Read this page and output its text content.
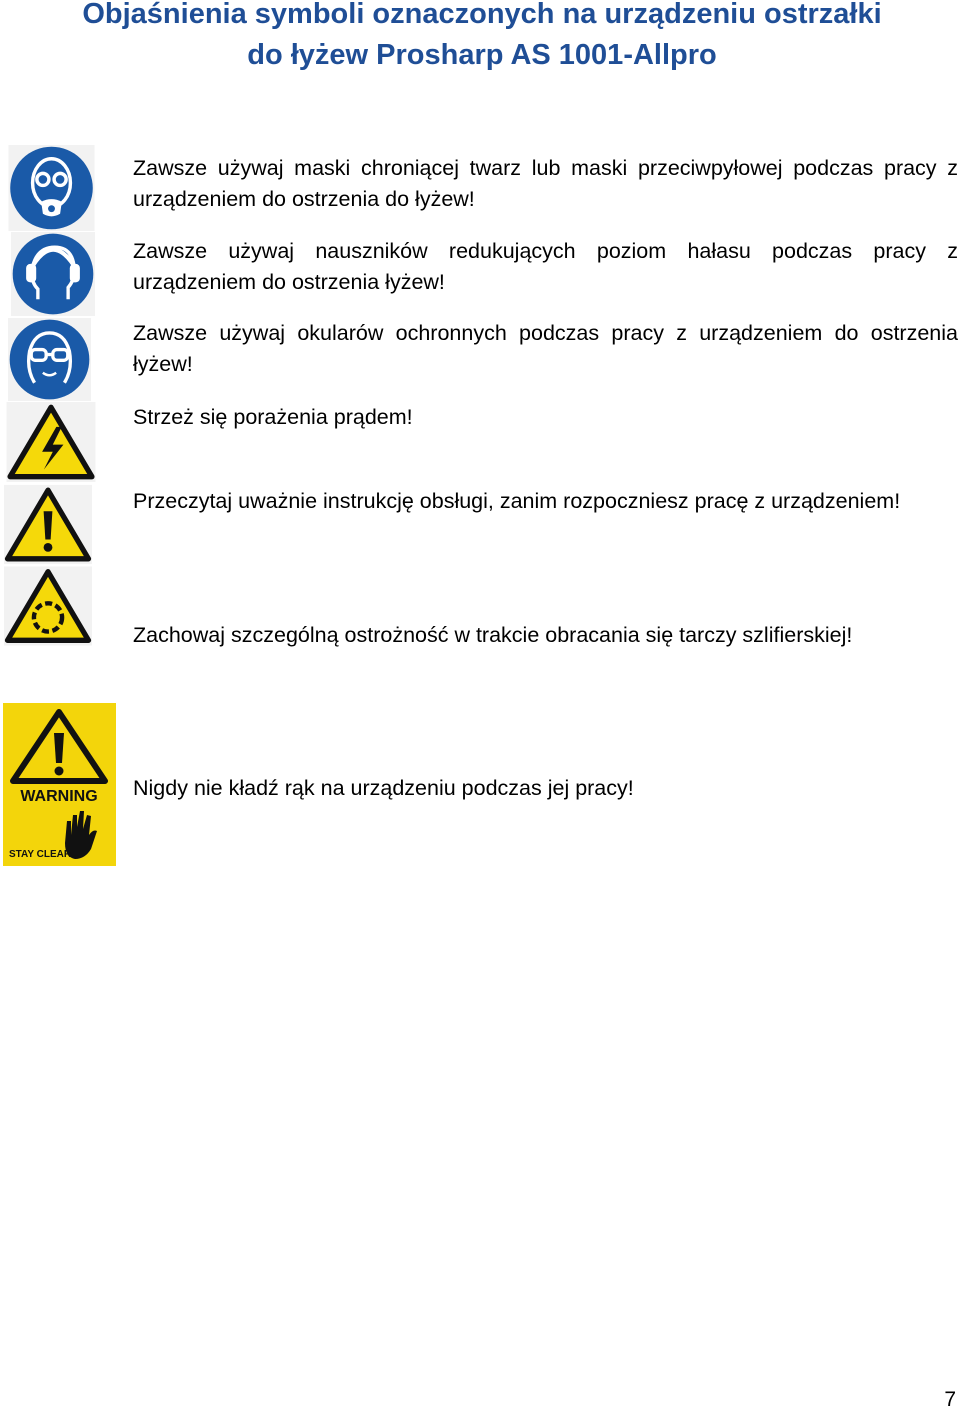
Objaśnienia symboli oznaczonych na urządzeniu ostrzałki
do łyżew Prosharp AS 1001-Allpro
Zawsze używaj maski chroniącej twarz lub maski przeciwpyłowej podczas pracy z urządzeniem do ostrzenia do łyżew!
Zawsze używaj nauszników redukujących poziom hałasu podczas pracy z urządzeniem do ostrzenia łyżew!
Zawsze używaj okularów ochronnych podczas pracy z urządzeniem do ostrzenia łyżew!
Strzeż się porażenia prądem!
Przeczytaj uważnie instrukcję obsługi, zanim rozpoczniesz pracę z urządzeniem!
Zachowaj szczególną ostrożność w trakcie obracania się tarczy szlifierskiej!
WARNING
STAY CLEAR
Nigdy nie kładź rąk na urządzeniu podczas jej pracy!
7
